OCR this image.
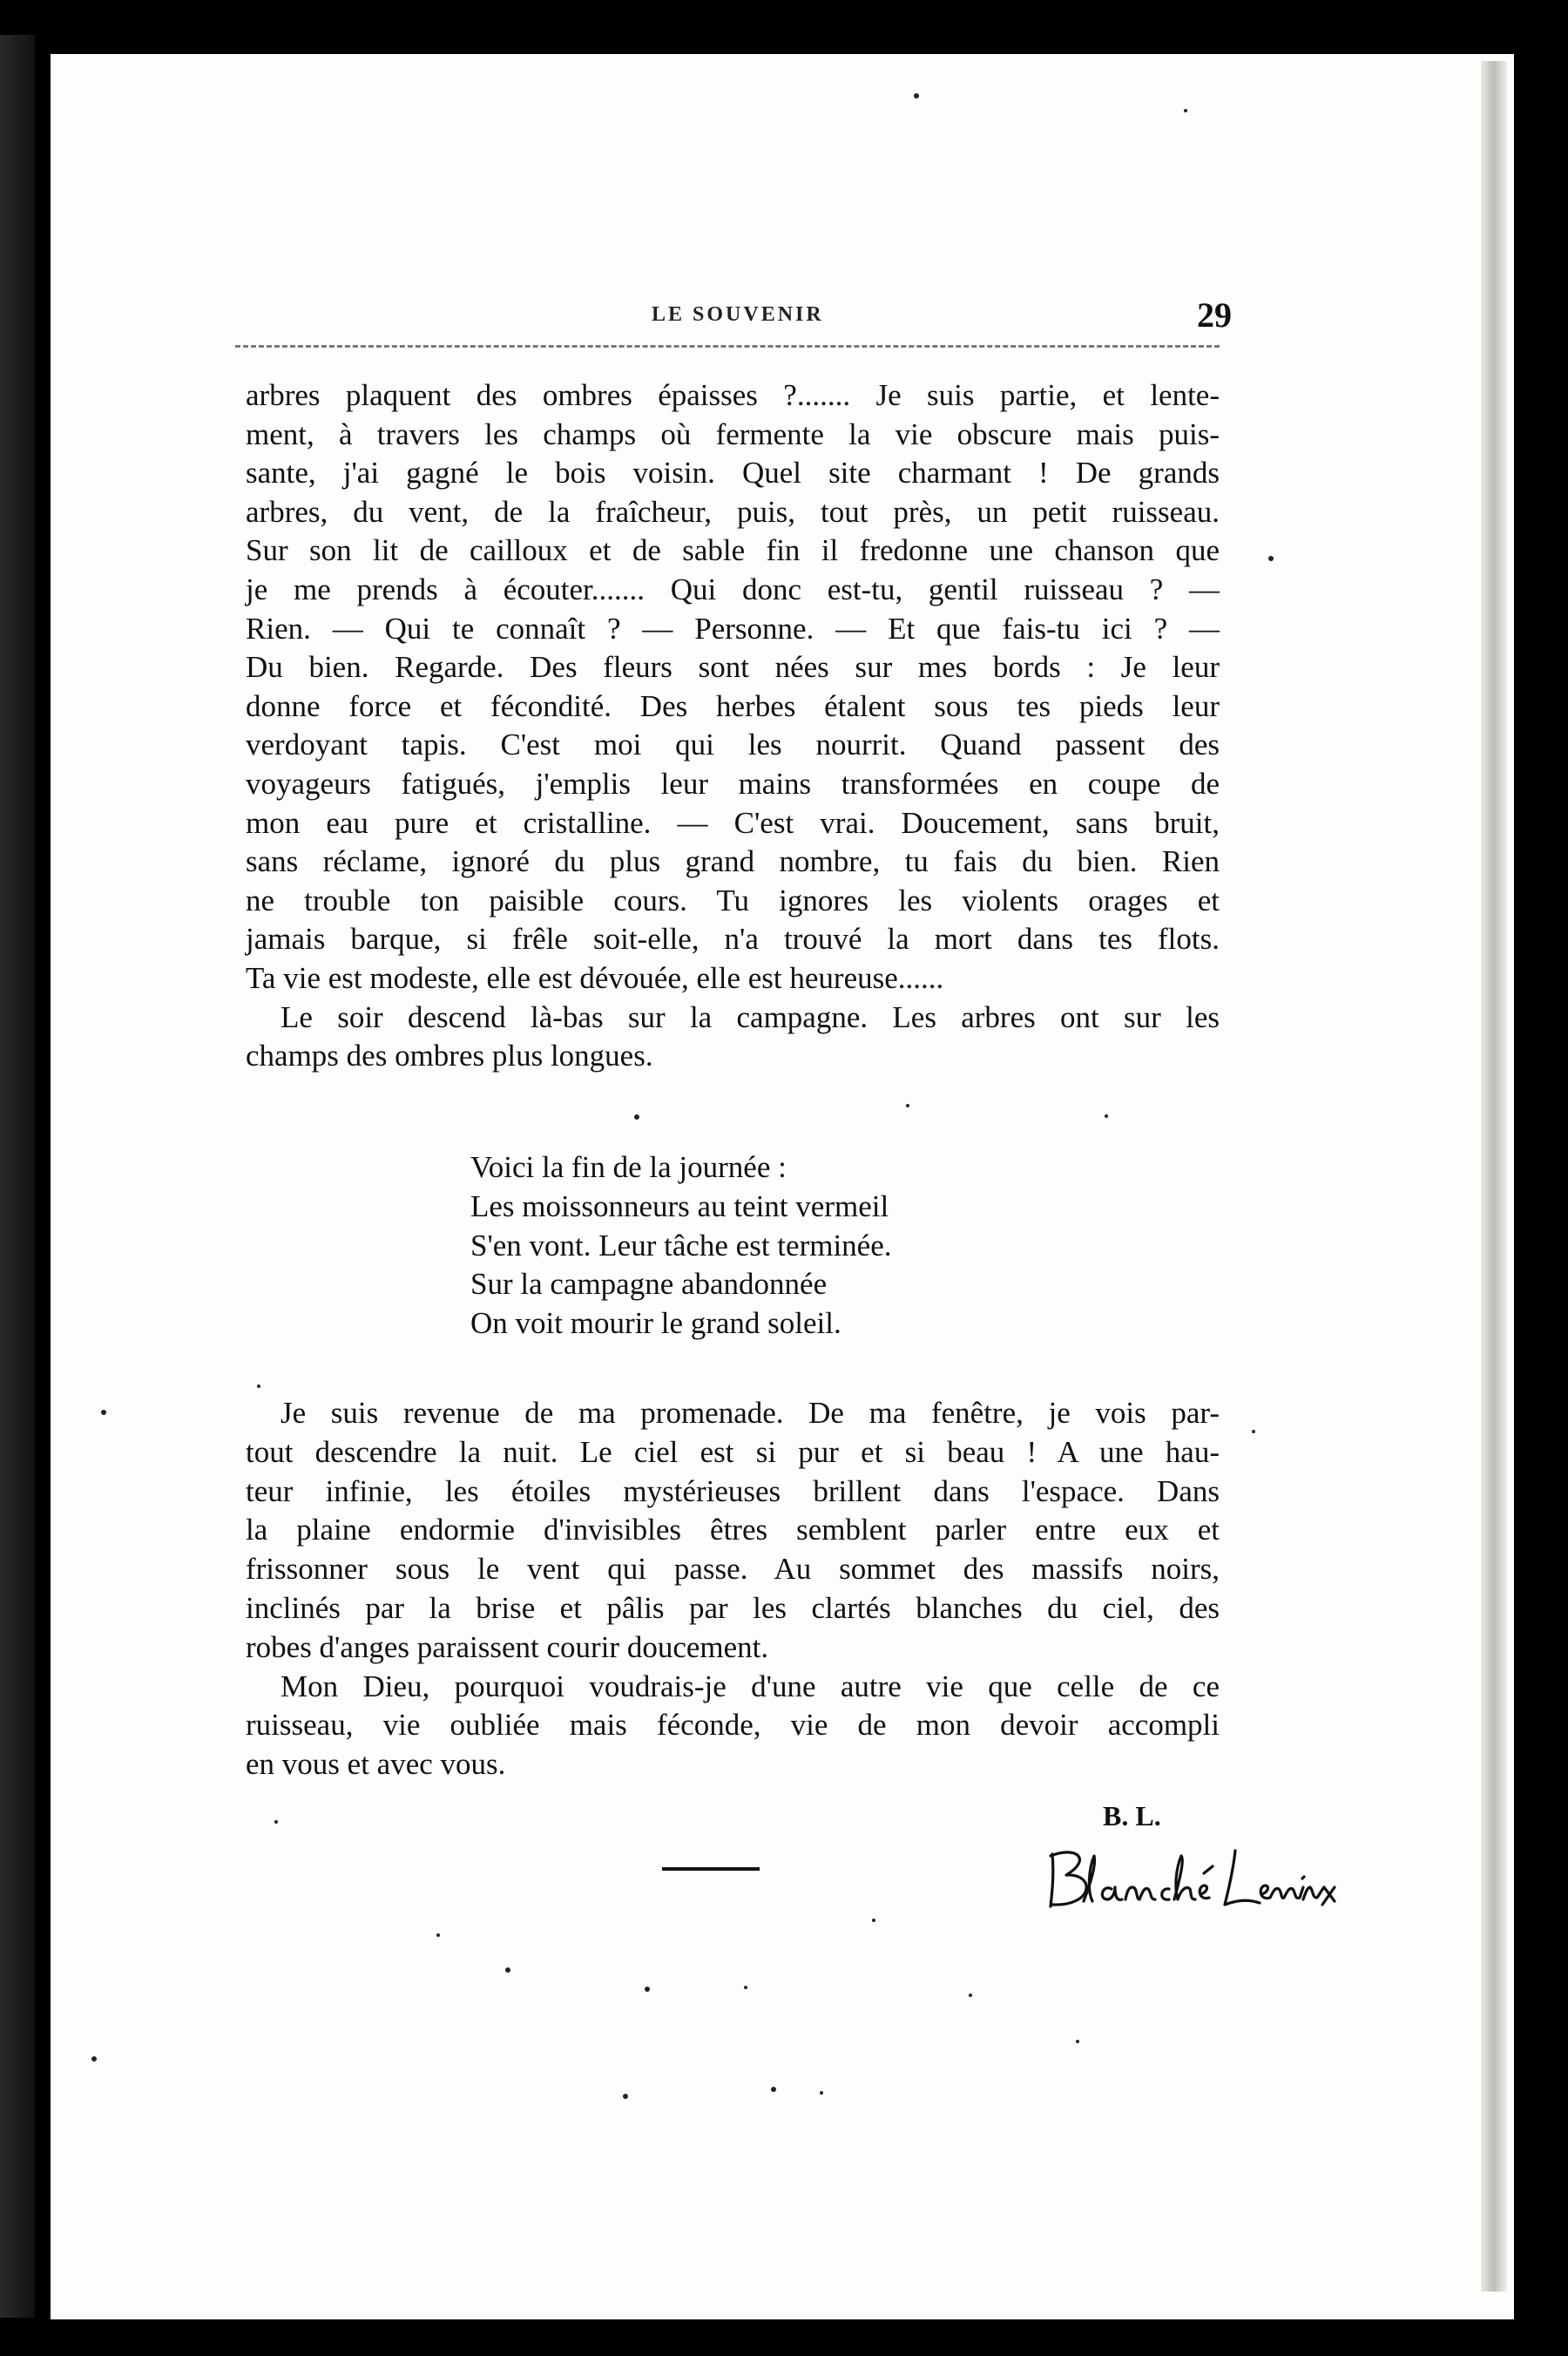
LE SOUVENIR	29
arbres plaquent des ombres épaisses ?....... Je suis partie, et lente-
ment, à travers les champs où fermente la vie obscure mais puis-
sante, j'ai gagné le bois voisin. Quel site charmant ! De grands
arbres, du vent, de la fraîcheur, puis, tout près, un petit ruisseau.
Sur son lit de cailloux et de sable fin il fredonne une chanson que
je me prends à écouter....... Qui donc est-tu, gentil ruisseau ? —
Rien. — Qui te connaît ? — Personne. — Et que fais-tu ici ? —
Du bien. Regarde. Des fleurs sont nées sur mes bords : Je leur
donne force et fécondité. Des herbes étalent sous tes pieds leur
verdoyant tapis. C'est moi qui les nourrit. Quand passent des
voyageurs fatigués, j'emplis leur mains transformées en coupe de
mon eau pure et cristalline. — C'est vrai. Doucement, sans bruit,
sans réclame, ignoré du plus grand nombre, tu fais du bien. Rien
ne trouble ton paisible cours. Tu ignores les violents orages et
jamais barque, si frêle soit-elle, n'a trouvé la mort dans tes flots.
Ta vie est modeste, elle est dévouée, elle est heureuse......
Le soir descend là-bas sur la campagne. Les arbres ont sur les
champs des ombres plus longues.
Voici la fin de la journée :
Les moissonneurs au teint vermeil
S'en vont. Leur tâche est terminée.
Sur la campagne abandonnée
On voit mourir le grand soleil.
Je suis revenue de ma promenade. De ma fenêtre, je vois par-
tout descendre la nuit. Le ciel est si pur et si beau ! A une hau-
teur infinie, les étoiles mystérieuses brillent dans l'espace. Dans
la plaine endormie d'invisibles êtres semblent parler entre eux et
frissonner sous le vent qui passe. Au sommet des massifs noirs,
inclinés par la brise et pâlis par les clartés blanches du ciel, des
robes d'anges paraissent courir doucement.
Mon Dieu, pourquoi voudrais-je d'une autre vie que celle de ce
ruisseau, vie oubliée mais féconde, vie de mon devoir accompli
en vous et avec vous.
B. L.
